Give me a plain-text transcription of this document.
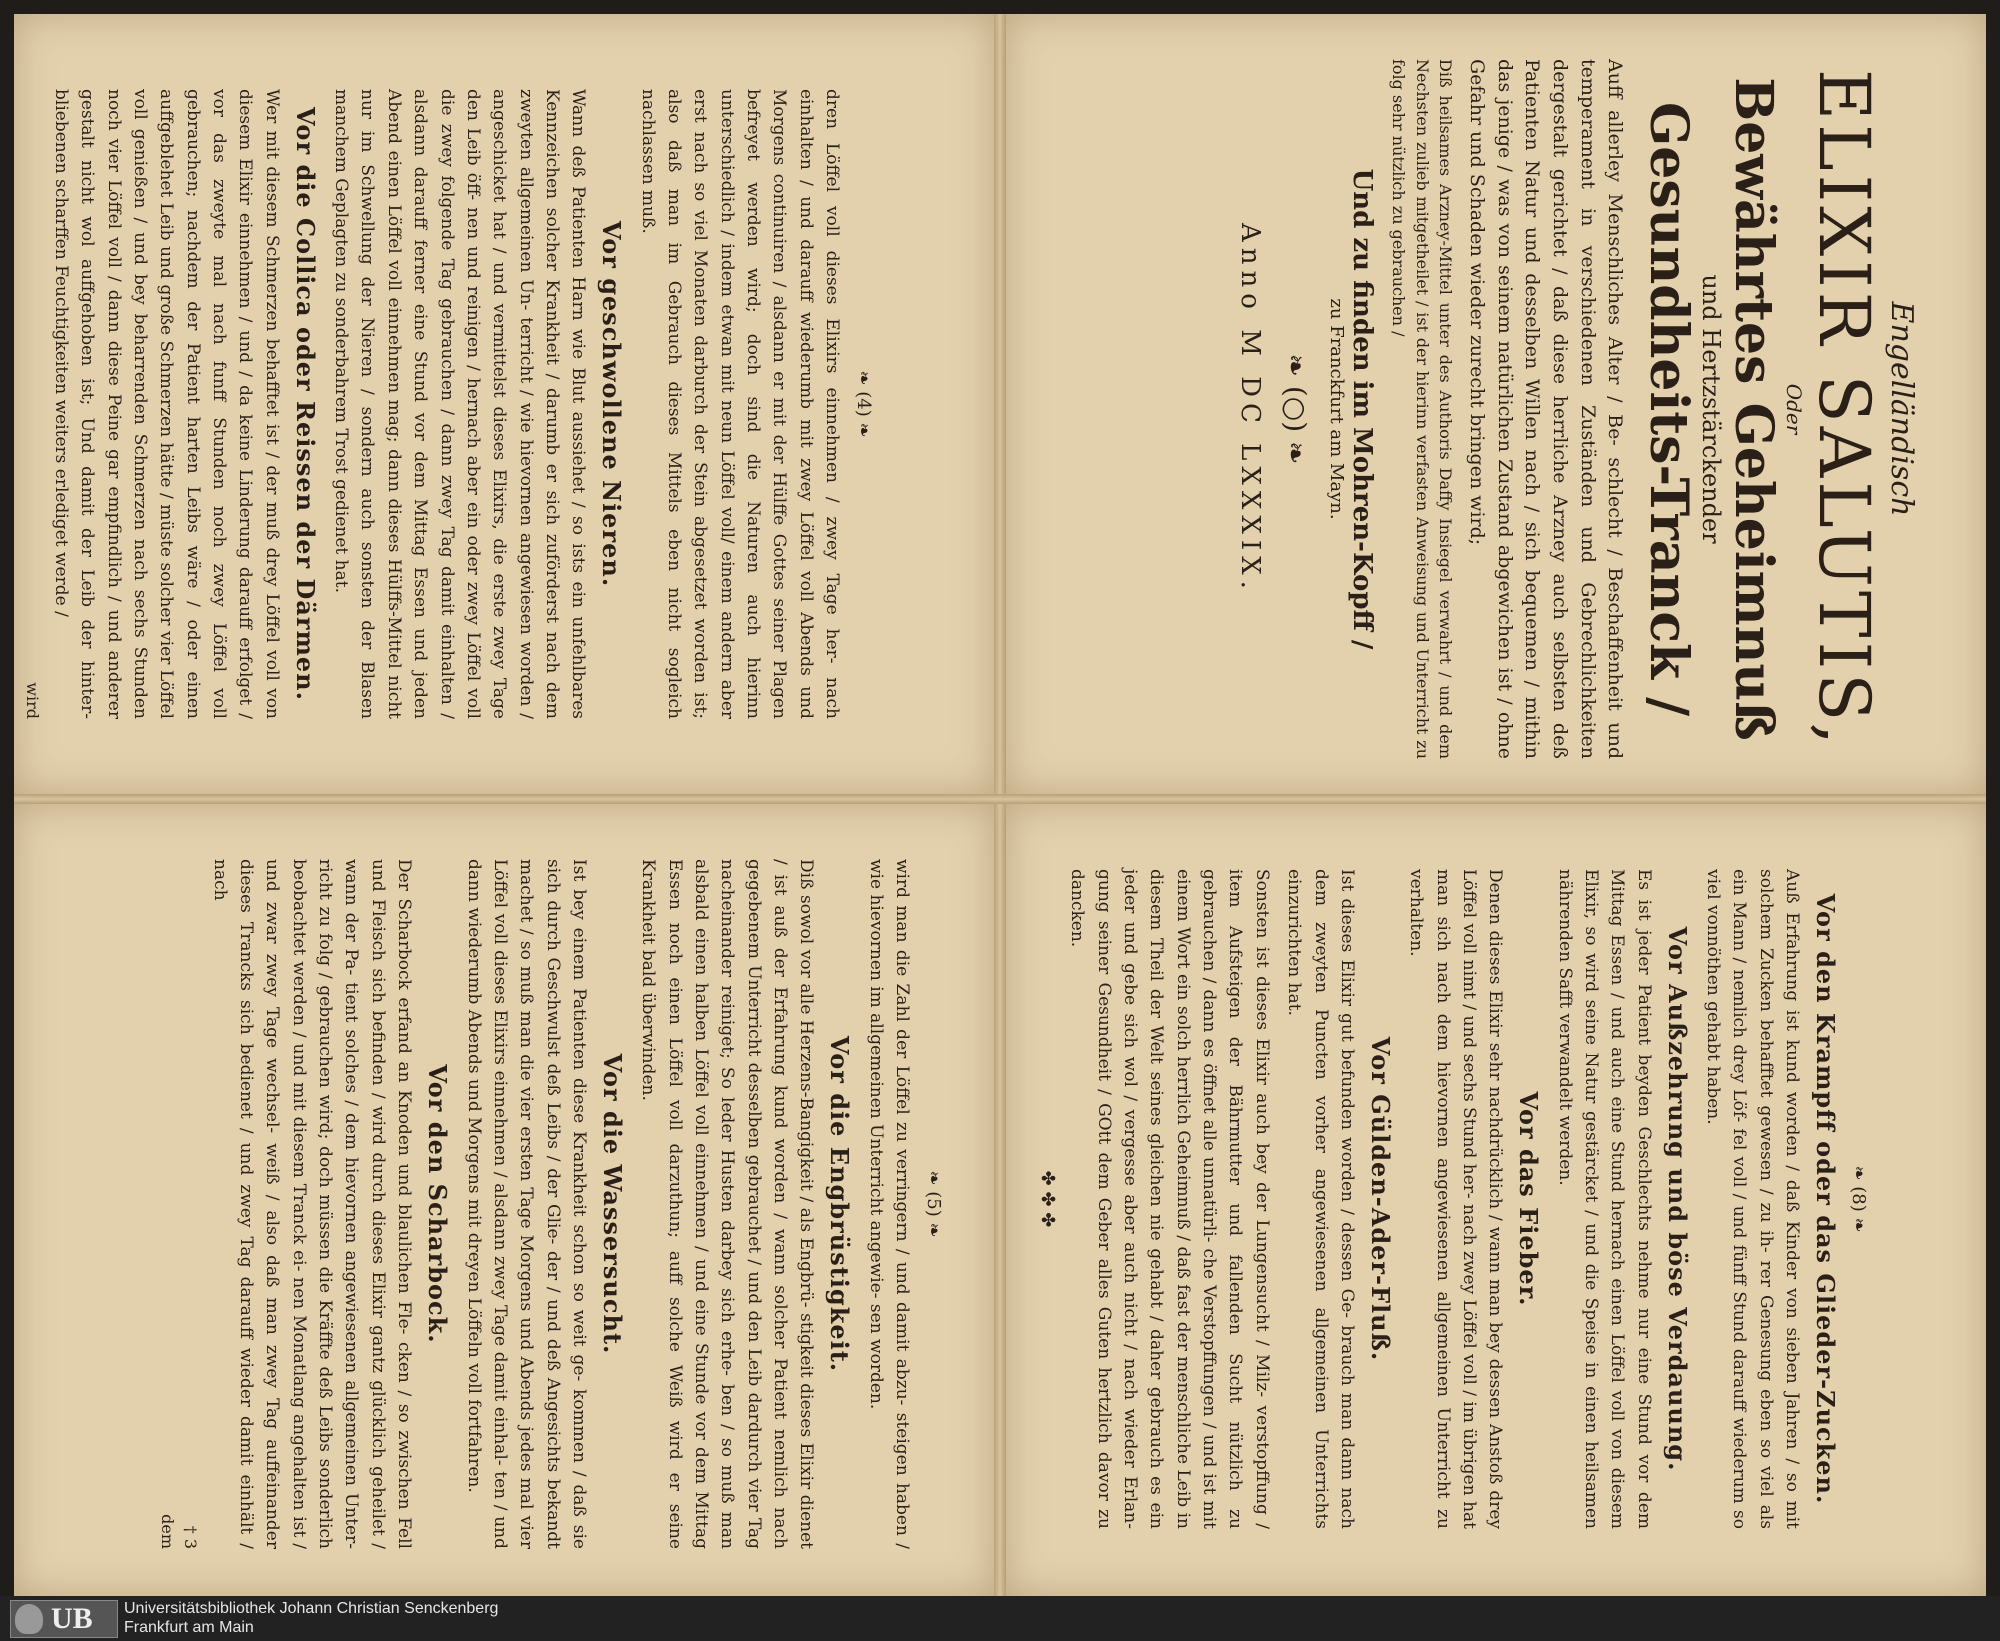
❧ (4) ❧

dren Löffel voll dieses Elixirs einnehmen / zwey Tage her- nach einhalten / und darauff wiederumb mit zwey Löffel voll Abends und Morgens continuiren / alsdann er mit der Hülffe Gottes seiner Plagen befreyet werden wird; doch sind die Naturen auch hierinn unterschiedlich / indem etwan mit neun Löffel voll/ einem andern aber erst nach so viel Monaten darburch der Stein abgesetzet worden ist; also daß man im Gebrauch dieses Mittels eben nicht sogleich nachlassen muß.

Vor geschwollene Nieren.

Wann deß Patienten Harn wie Blut aussiehet / so ists ein unfehlbares Kennzeichen solcher Krankheit / darumb er sich zuförderst nach dem zweyten allgemeinen Un- terricht / wie hievornen angewiesen worden / angeschicket hat / und vermittelst dieses Elixirs, die erste zwey Tage den Leib öff- nen und reinigen / hernach aber ein oder zwey Löffel voll die zwey folgende Tag gebrauchen / dann zwey Tag damit einhalten / alsdann darauff ferner eine Stund vor dem Mittag Essen und jeden Abend einen Löffel voll einnehmen mag; dann dieses Hülffs-Mittel nicht nur im Schwellung der Nieren / sondern auch sonsten der Blasen manchem Geplagten zu sonderbahrem Trost gedienet hat.

Vor die Collica oder Reissen der Därmen.

Wer mit diesem Schmerzen behafftet ist / der muß drey Löffel voll von diesem Elixir einnehmen / und / da keine Linderung darauff erfolget / vor das zweyte mal nach funff Stunden noch zwey Löffel voll gebrauchen; nachdem der Patient harten Leibs wäre / oder einen auffgeblehet Leib und große Schmerzen hätte / müste solcher vier Löffel voll genießen / und bey beharrenden Schmerzen nach sechs Stunden noch vier Löffel voll / dann diese Peine gar empfindlich / und anderer gestalt nicht wol auffgehoben ist; Und damit der Leib der hinter- bliebenen scharffen Feuchtigkeiten weiters erlediget werde /

wird
Engelländisch
ELIXIR SALUTIS,
Oder
Bewährtes Geheimnuß
und Hertzstärckender
Gesundheits-Tranck /

Auff allerley Menschliches Alter / Be- schlecht / Beschaffenheit und temperament in verschiedenen Zuständen und Gebrechlichkeiten dergestalt gerichtet / daß diese herrliche Arzney auch selbsten deß Patienten Natur und desselben Willen nach / sich bequemen / mithin das jenige / was von seinem natürlichen Zustand abgewichen ist / ohne Gefahr und Schaden wieder zurecht bringen wird;

Diß heilsames Arzney-Mittel unter des Authoris Daffy Insiegel verwahrt / und dem Nechsten zulieb mitgetheilet / ist der hierinn verfasten Anweisung und Unterricht zu folg sehr nützlich zu gebrauchen /

Und zu finden im Mohren-Kopff /
zu Franckfurt am Mayn.
❧ (○) ❧
Anno M DC LXXXIX.
❧ (5) ❧

wird man die Zahl der Löffel zu verringern / und damit abzu- steigen haben / wie hievornen im allgemeinen Unterricht angewie- sen worden.

Vor die Engbrüstigkeit.

Diß sowol vor alle Herzens-Bangigkeit / als Engbrü- stigkeit dieses Elixir dienet / ist auß der Erfahrung kund worden / wann solcher Patient nemlich nach gegebenem Unterricht desselben gebrauchet / und den Leib dardurch vier Tag nacheinander reiniget; So leder Husten darbey sich erhe- ben / so muß man alsbald einen halben Löffel voll einnehmen / und eine Stunde vor dem Mittag Essen noch einen Löffel voll darzuthun; auff solche Weiß wird er seine Krankheit bald überwinden.

Vor die Wassersucht.

Ist bey einem Patienten diese Krankheit schon so weit ge- kommen / daß sie sich durch Geschwulst deß Leibs / der Glie- der / und deß Angesichts bekandt machet / so muß man die vier ersten Tage Morgens und Abends jedes mal vier Löffel voll dieses Elixirs einnehmen / alsdann zwey Tage damit einhal- ten / und dann wiederumb Abends und Morgens mit dreyen Löffeln voll fortfahren.

Vor den Scharbock.

Der Scharbock erfand an Knoden und blaulichen Fle- cken / so zwischen Fell und Fleisch sich befinden / wird durch dieses Elixir gantz glücklich geheilet / wann der Pa- tient solches / dem hievornen angewiesenen allgemeinen Unter- richt zu folg / gebrauchen wird; doch müssen die Kräffte deß Leibs sonderlich beobachtet werden / und mit diesem Tranck ei- nen Monatlang angehalten ist / und zwar zwey Tage wechsel- weiß / also daß man zwey Tag auffeinander dieses Trancks sich bedienet / und zwey Tag darauff wieder damit einhält / nach

† 3
dem
❧ (8) ❧
Vor den Krampff oder das Glieder-Zucken.

Auß Erfahrung ist kund worden / daß Kinder von sieben Jahren / so mit solchem Zucken behafftet gewesen / zu ih- rer Genesung eben so viel als ein Mann / nemlich drey Löf- fel voll / und fünff Stund darauff wiederum so viel vonnöthen gehabt haben.

Vor Außzehrung und böse Verdauung.

Es ist jeder Patient beyden Geschlechts nehme nur eine Stund vor dem Mittag Essen / und auch eine Stund hernach einen Löffel voll von diesem Elixir, so wird seine Natur gestärcket / und die Speise in einen heilsamen nährenden Safft verwandelt werden.

Vor das Fieber.

Denen dieses Elixir sehr nachdrücklich / wann man bey dessen Anstoß drey Löffel voll nimt / und sechs Stund her- nach zwey Löffel voll / im übrigen hat man sich nach dem hievornen angewiesenen allgemeinen Unterricht zu verhalten.

Vor Gülden-Ader-Fluß.

Ist dieses Elixir gut befunden worden / dessen Ge- brauch man dann nach dem zweyten Puncten vorher angewiesenen allgemeinen Unterrichts einzurichten hat.

Sonsten ist dieses Elixir auch bey der Lungensucht / Milz- verstopffung / item Aufsteigen der Bährmutter und fallenden Sucht nützlich zu gebrauchen / dann es öffnet alle unnatürli- che Verstopffungen / und ist mit einem Wort ein solch herrlich Geheimnuß / daß fast der menschliche Leib in diesem Theil der Welt seines gleichen nie gehabt / daher gebrauch es ein jeder und gebe sich wol / vergesse aber auch nicht / nach wieder Erlan- gung seiner Gesundheit / GOtt dem Geber alles Guten hertzlich davor zu dancken.

✤ ✤ ✤
UB Universitätsbibliothek Johann Christian Senckenberg
Frankfurt am Main
